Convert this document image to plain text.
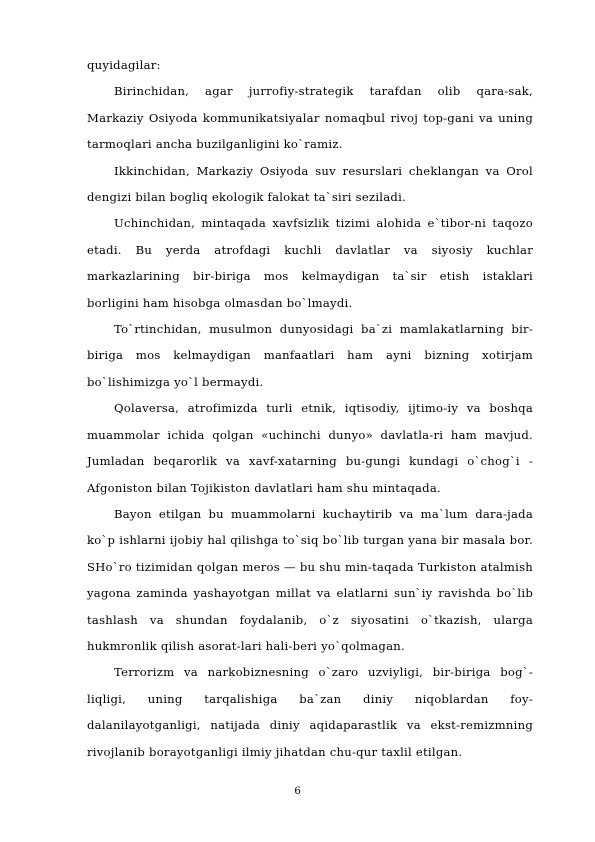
quyidagilar:

Birinchidan, agar jurrofiy-strategik tarafdan olib qara-sak, Markaziy Osiyoda kommunikatsiyalar nomaqbul rivoj top-gani va uning tarmoqlari ancha buzilganligini ko`ramiz.

Ikkinchidan, Markaziy Osiyoda suv resurslari cheklangan va Orol dengizi bilan bogliq ekologik falokat ta`siri seziladi.

Uchinchidan, mintaqada xavfsizlik tizimi alohida e`tibor-ni taqozo etadi. Bu yerda atrofdagi kuchli davlatlar va siyosiy kuchlar markazlarining bir-biriga mos kelmaydigan ta`sir etish istaklari borligini ham hisobga olmasdan bo`lmaydi.

To`rtinchidan, musulmon dunyosidagi ba`zi mamlakatlarning bir-biriga mos kelmaydigan manfaatlari ham ayni bizning xotirjam bo`lishimizga yo`l bermaydi.

Qolaversa, atrofimizda turli etnik, iqtisodiy, ijtimo-iy va boshqa muammolar ichida qolgan «uchinchi dunyo» davlatla-ri ham mavjud. Jumladan beqarorlik va xavf-xatarning bu-gungi kundagi o`chog`i - Afgoniston bilan Tojikiston davlatlari ham shu mintaqada.

Bayon etilgan bu muammolarni kuchaytirib va ma`lum dara-jada ko`p ishlarni ijobiy hal qilishga to`siq bo`lib turgan yana bir masala bor. SHo`ro tizimidan qolgan meros — bu shu min-taqada Turkiston atalmish yagona zaminda yashayotgan millat va elatlarni sun`iy ravishda bo`lib tashlash va shundan foydalanib, o`z siyosatini o`tkazish, ularga hukmronlik qilish asorat-lari hali-beri yo`qolmagan.

Terrorizm va narkobiznesning o`zaro uzviyligi, bir-biriga bog`-liqligi, uning tarqalishiga ba`zan diniy niqoblardan foy-dalanilayotganligi, natijada diniy aqidaparastlik va ekst-remizmning rivojlanib borayotganligi ilmiy jihatdan chu-qur taxlil etilgan.

6
